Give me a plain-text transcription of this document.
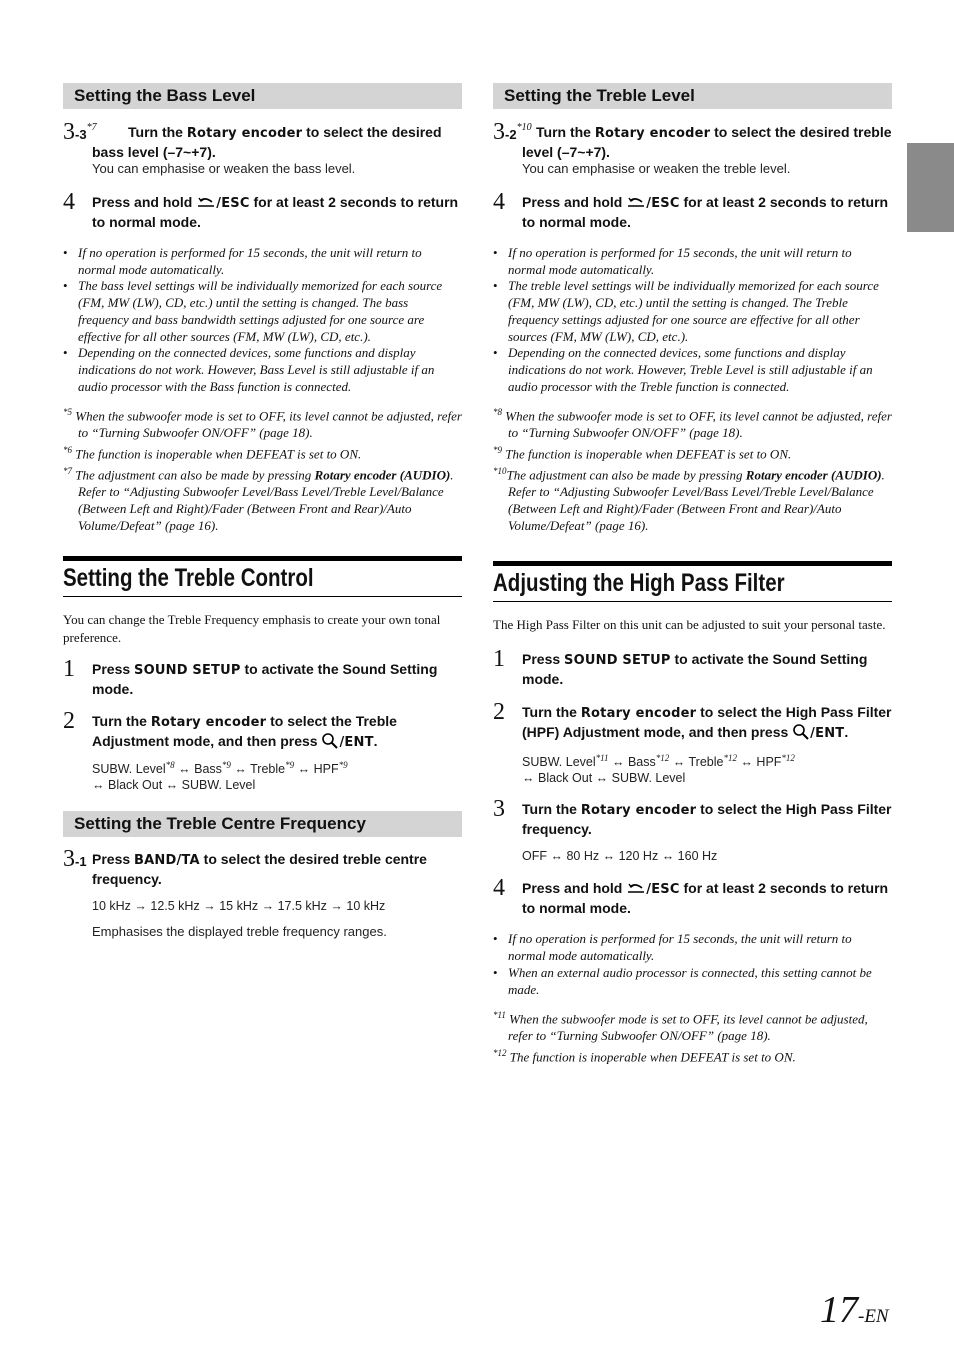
Setting the Bass Level

3-3$^{*7}$ Turn the Rotary encoder to select the desired bass level (–7~+7).

You can emphasise or weaken the bass level.

4 Press and hold /ESC for at least 2 seconds to return to normal mode.

• If no operation is performed for 15 seconds, the unit will return to normal mode automatically.
• The bass level settings will be individually memorized for each source (FM, MW (LW), CD, etc.) until the setting is changed. The bass frequency and bass bandwidth settings adjusted for one source are effective for all other sources (FM, MW (LW), CD, etc.).
• Depending on the connected devices, some functions and display indications do not work. However, Bass Level is still adjustable if an audio processor with the Bass function is connected.

$^{*5}$ When the subwoofer mode is set to OFF, its level cannot be adjusted, refer to “Turning Subwoofer ON/OFF” (page 18).

$^{*6}$ The function is inoperable when DEFEAT is set to ON.

$^{*7}$ The adjustment can also be made by pressing Rotary encoder (AUDIO). Refer to “Adjusting Subwoofer Level/Bass Level/Treble Level/Balance (Between Left and Right)/Fader (Between Front and Rear)/Auto Volume/Defeat” (page 16).

Setting the Treble Control

You can change the Treble Frequency emphasis to create your own tonal preference.

1 Press SOUND SETUP to activate the Sound Setting mode.

2 Turn the Rotary encoder to select the Treble Adjustment mode, and then press /ENT.

SUBW. Level$^{*8}$ ↔ Bass$^{*9}$ ↔ Treble$^{*9}$ ↔ HPF$^{*9}$
↔ Black Out ↔ SUBW. Level

Setting the Treble Centre Frequency

3-1 Press BAND/TA to select the desired treble centre frequency.

10 kHz → 12.5 kHz → 15 kHz → 17.5 kHz → 10 kHz

Emphasises the displayed treble frequency ranges.

Setting the Treble Level

3-2$^{*10}$ Turn the Rotary encoder to select the desired treble level (–7~+7).

You can emphasise or weaken the treble level.

4 Press and hold /ESC for at least 2 seconds to return to normal mode.

• If no operation is performed for 15 seconds, the unit will return to normal mode automatically.
• The treble level settings will be individually memorized for each source (FM, MW (LW), CD, etc.) until the setting is changed. The Treble frequency settings adjusted for one source are effective for all other sources (FM, MW (LW), CD, etc.).
• Depending on the connected devices, some functions and display indications do not work. However, Treble Level is still adjustable if an audio processor with the Treble function is connected.

$^{*8}$ When the subwoofer mode is set to OFF, its level cannot be adjusted, refer to “Turning Subwoofer ON/OFF” (page 18).

$^{*9}$ The function is inoperable when DEFEAT is set to ON.

$^{*10}$The adjustment can also be made by pressing Rotary encoder (AUDIO). Refer to “Adjusting Subwoofer Level/Bass Level/Treble Level/Balance (Between Left and Right)/Fader (Between Front and Rear)/Auto Volume/Defeat” (page 16).

Adjusting the High Pass Filter

The High Pass Filter on this unit can be adjusted to suit your personal taste.

1 Press SOUND SETUP to activate the Sound Setting mode.

2 Turn the Rotary encoder to select the High Pass Filter (HPF) Adjustment mode, and then press /ENT.

SUBW. Level$^{*11}$ ↔ Bass$^{*12}$ ↔ Treble$^{*12}$ ↔ HPF$^{*12}$
↔ Black Out ↔ SUBW. Level

3 Turn the Rotary encoder to select the High Pass Filter frequency.

OFF ↔ 80 Hz ↔ 120 Hz ↔ 160 Hz

4 Press and hold /ESC for at least 2 seconds to return to normal mode.

• If no operation is performed for 15 seconds, the unit will return to normal mode automatically.
• When an external audio processor is connected, this setting cannot be made.

$^{*11}$ When the subwoofer mode is set to OFF, its level cannot be adjusted, refer to “Turning Subwoofer ON/OFF” (page 18).

$^{*12}$ The function is inoperable when DEFEAT is set to ON.

17-EN
